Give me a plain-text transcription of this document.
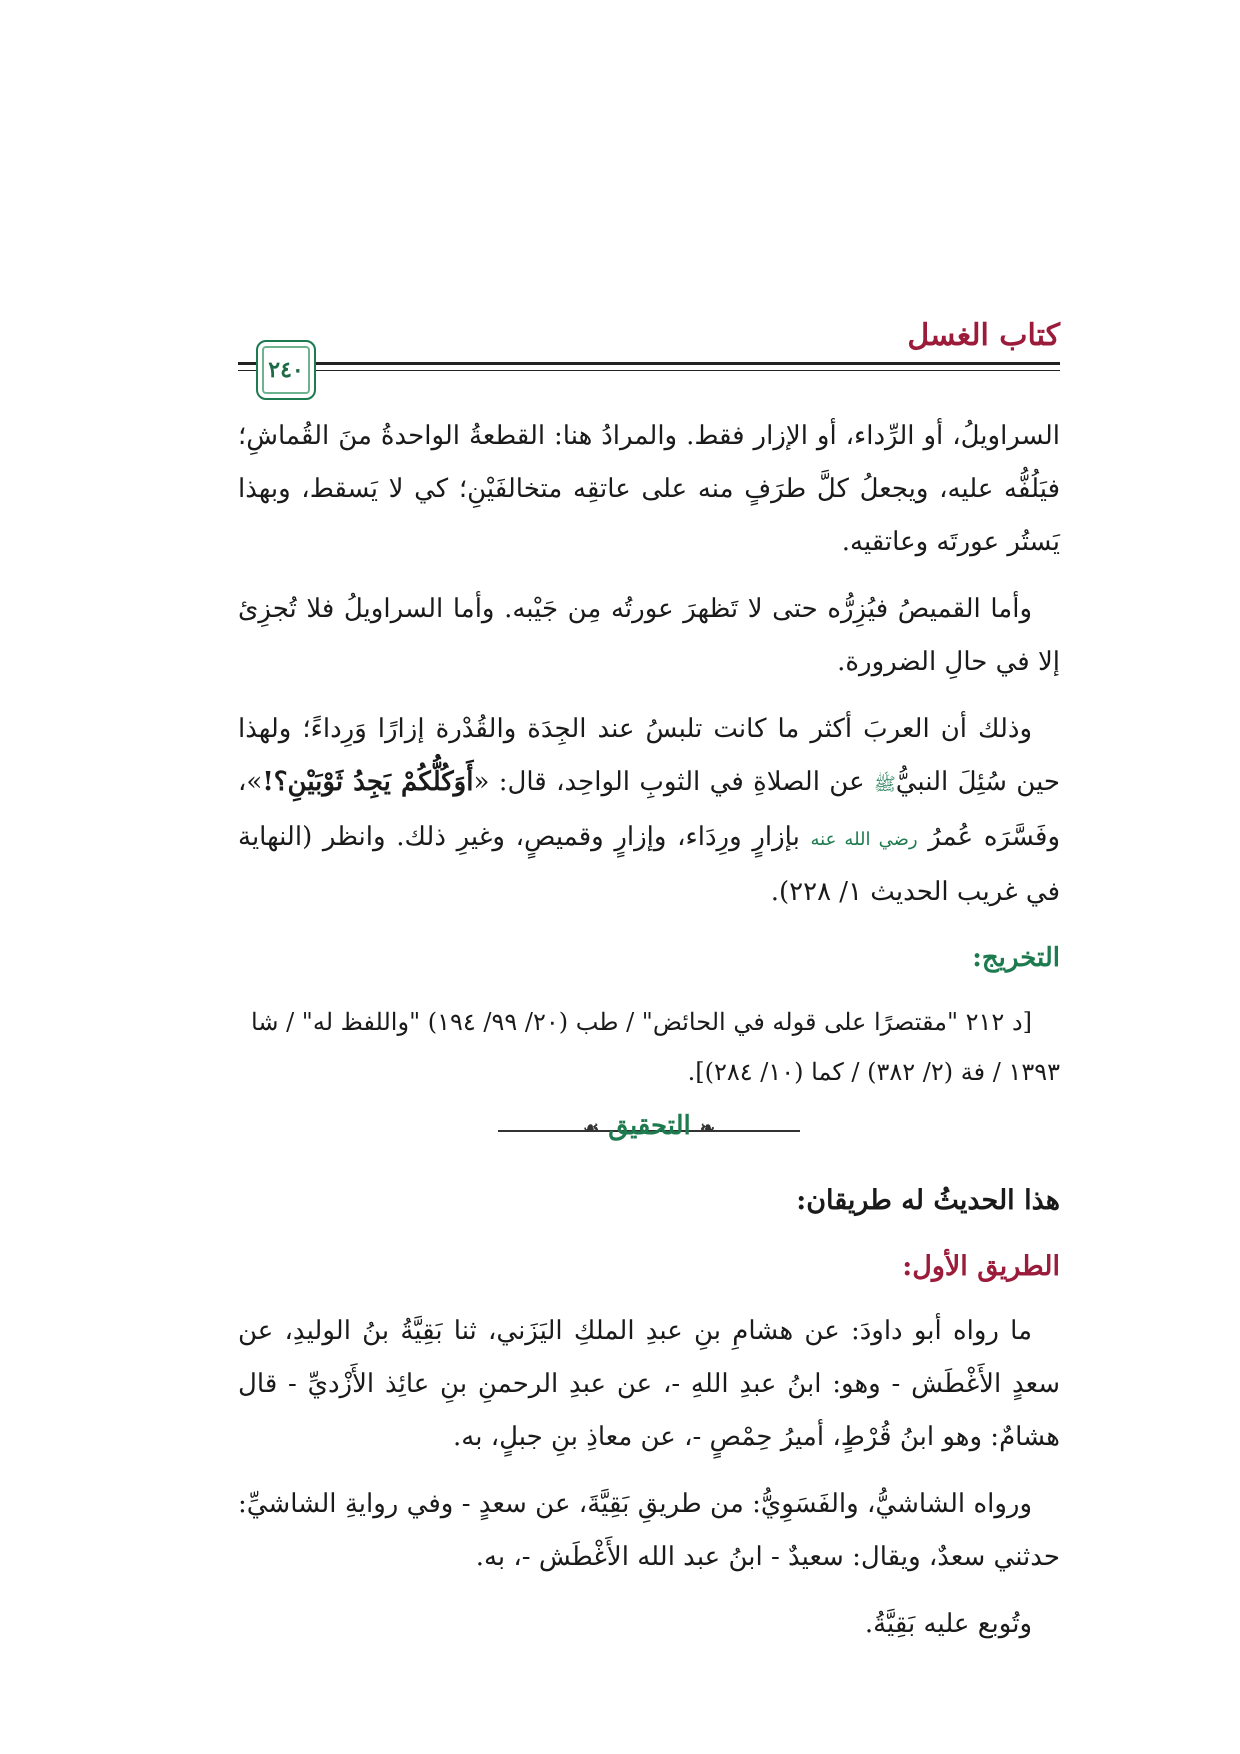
كتاب الغسل
٢٤٠

السراويلُ، أو الرِّداء، أو الإزار فقط. والمرادُ هنا: القطعةُ الواحدةُ منَ القُماشِ؛ فيَلُفُّه عليه، ويجعلُ كلَّ طرَفٍ منه على عاتقِه متخالفَيْنِ؛ كي لا يَسقط، وبهذا يَستُر عورتَه وعاتقيه.

وأما القميصُ فيُزِرُّه حتى لا تَظهرَ عورتُه مِن جَيْبه. وأما السراويلُ فلا تُجزِئ إلا في حالِ الضرورة.

وذلك أن العربَ أكثر ما كانت تلبسُ عند الجِدَة والقُدْرة إزارًا وَرِداءً؛ ولهذا حين سُئِلَ النبيُّﷺ عن الصلاةِ في الثوبِ الواحِد، قال: «أَوَكُلُّكُمْ يَجِدُ ثَوْبَيْنِ؟!»، وفَسَّرَه عُمرُ رضي الله عنه بإزارٍ ورِدَاء، وإزارٍ وقميصٍ، وغيرِ ذلك. وانظر (النهاية في غريب الحديث ١/ ٢٢٨).

التخريج:

[د ٢١٢ "مقتصرًا على قوله في الحائض" / طب (٢٠/ ٩٩/ ١٩٤) "واللفظ له" / شا ١٣٩٣ / فة (٢/ ٣٨٢) / كما (١٠/ ٢٨٤)].

❧ التحقيق ☙
هذا الحديثُ له طريقان:
الطريق الأول:

ما رواه أبو داودَ: عن هشامِ بنِ عبدِ الملكِ اليَزَني، ثنا بَقِيَّةُ بنُ الوليدِ، عن سعدٍ الأَغْطَش - وهو: ابنُ عبدِ اللهِ -، عن عبدِ الرحمنِ بنِ عائِذ الأَزْديِّ - قال هشامٌ: وهو ابنُ قُرْطٍ، أميرُ حِمْصٍ -، عن معاذِ بنِ جبلٍ، به.

ورواه الشاشيُّ، والفَسَوِيُّ: من طريقِ بَقِيَّةَ، عن سعدٍ - وفي روايةِ الشاشيِّ: حدثني سعدٌ، ويقال: سعيدٌ - ابنُ عبد الله الأَغْطَش -، به.

وتُوبع عليه بَقِيَّةُ.
